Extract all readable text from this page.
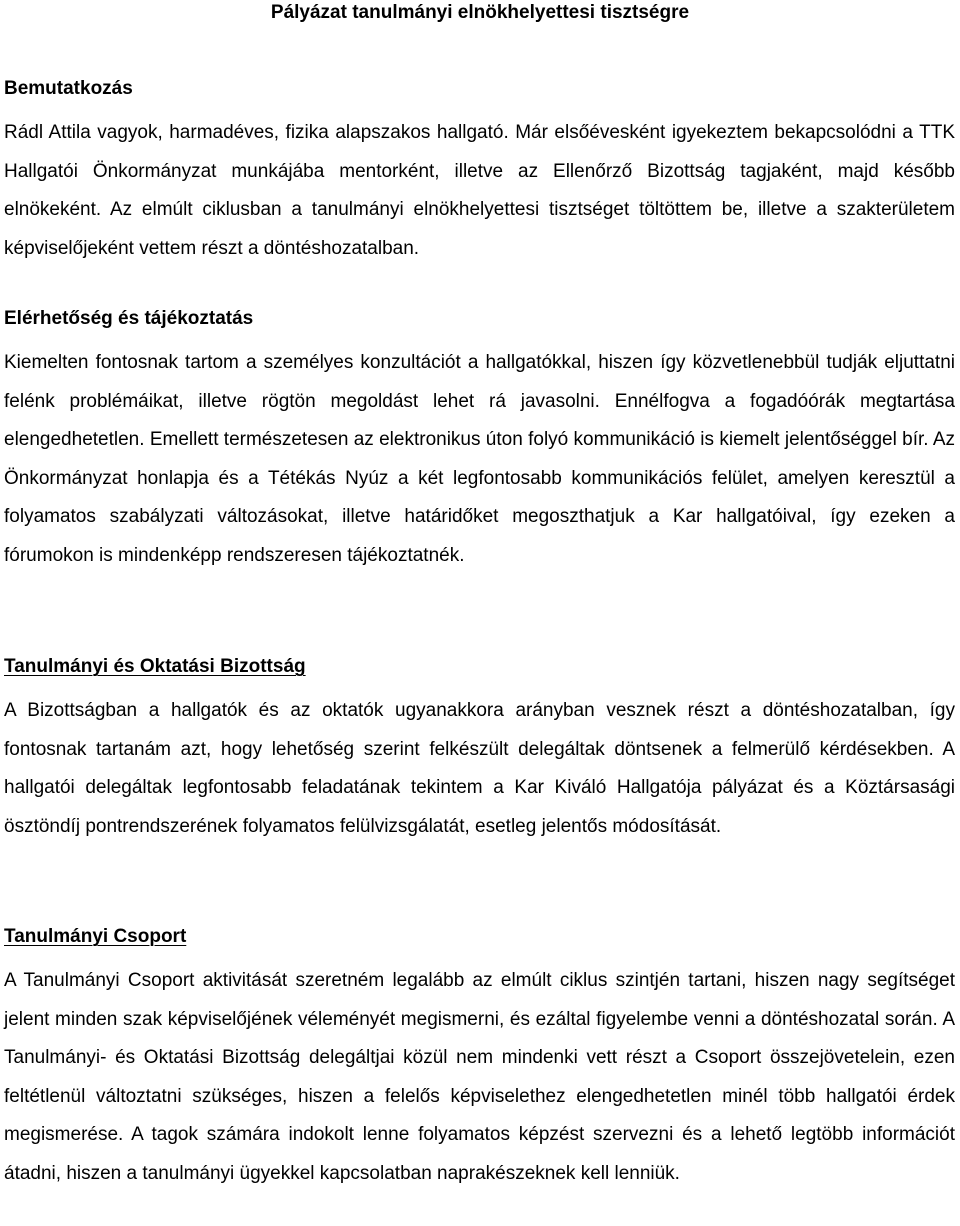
Pályázat tanulmányi elnökhelyettesi tisztségre
Bemutatkozás

Rádl Attila vagyok, harmadéves, fizika alapszakos hallgató. Már elsőévesként igyekeztem bekapcsolódni a TTK Hallgatói Önkormányzat munkájába mentorként, illetve az Ellenőrző Bizottság tagjaként, majd később elnökeként. Az elmúlt ciklusban a tanulmányi elnökhelyettesi tisztséget töltöttem be, illetve a szakterületem képviselőjeként vettem részt a döntéshozatalban.

Elérhetőség és tájékoztatás

Kiemelten fontosnak tartom a személyes konzultációt a hallgatókkal, hiszen így közvetlenebbül tudják eljuttatni felénk problémáikat, illetve rögtön megoldást lehet rá javasolni. Ennélfogva a fogadóórák megtartása elengedhetetlen. Emellett természetesen az elektronikus úton folyó kommunikáció is kiemelt jelentőséggel bír. Az Önkormányzat honlapja és a Tétékás Nyúz a két legfontosabb kommunikációs felület, amelyen keresztül a folyamatos szabályzati változásokat, illetve határidőket megoszthatjuk a Kar hallgatóival, így ezeken a fórumokon is mindenképp rendszeresen tájékoztatnék.

Tanulmányi és Oktatási Bizottság

A Bizottságban a hallgatók és az oktatók ugyanakkora arányban vesznek részt a döntéshozatalban, így fontosnak tartanám azt, hogy lehetőség szerint felkészült delegáltak döntsenek a felmerülő kérdésekben. A hallgatói delegáltak legfontosabb feladatának tekintem a Kar Kiváló Hallgatója pályázat és a Köztársasági ösztöndíj pontrendszerének folyamatos felülvizsgálatát, esetleg jelentős módosítását.

Tanulmányi Csoport

A Tanulmányi Csoport aktivitását szeretném legalább az elmúlt ciklus szintjén tartani, hiszen nagy segítséget jelent minden szak képviselőjének véleményét megismerni, és ezáltal figyelembe venni a döntéshozatal során. A Tanulmányi- és Oktatási Bizottság delegáltjai közül nem mindenki vett részt a Csoport összejövetelein, ezen feltétlenül változtatni szükséges, hiszen a felelős képviselethez elengedhetetlen minél több hallgatói érdek megismerése. A tagok számára indokolt lenne folyamatos képzést szervezni és a lehető legtöbb információt átadni, hiszen a tanulmányi ügyekkel kapcsolatban naprakészeknek kell lenniük.
